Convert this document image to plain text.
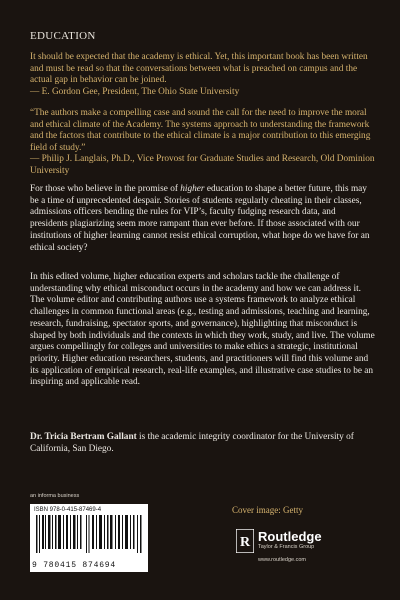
EDUCATION

It should be expected that the academy is ethical. Yet, this important book has been written and must be read so that the conversations between what is preached on campus and the actual gap in behavior can be joined.

— E. Gordon Gee, President, The Ohio State University

“The authors make a compelling case and sound the call for the need to improve the moral and ethical climate of the Academy. The systems approach to understanding the framework and the factors that contribute to the ethical climate is a major contribution to this emerging field of study.”

— Philip J. Langlais, Ph.D., Vice Provost for Graduate Studies and Research, Old Dominion University

For those who believe in the promise of higher education to shape a better future, this may be a time of unprecedented despair. Stories of students regularly cheating in their classes, admissions officers bending the rules for VIP’s, faculty fudging research data, and presidents plagiarizing seem more rampant than ever before. If those associated with our institutions of higher learning cannot resist ethical corruption, what hope do we have for an ethical society?

In this edited volume, higher education experts and scholars tackle the challenge of understanding why ethical misconduct occurs in the academy and how we can address it. The volume editor and contributing authors use a systems framework to analyze ethical challenges in common functional areas (e.g., testing and admissions, teaching and learning, research, fundraising, spectator sports, and governance), highlighting that misconduct is shaped by both individuals and the contexts in which they work, study, and live. The volume argues compellingly for colleges and universities to make ethics a strategic, institutional priority. Higher education researchers, students, and practitioners will find this volume and its application of empirical research, real-life examples, and illustrative case studies to be an inspiring and applicable read.

Dr. Tricia Bertram Gallant is the academic integrity coordinator for the University of California, San Diego.

an informa business
ISBN 978-0-415-87469-4
9 780415 874694
Cover image: Getty
R Routledge
Taylor & Francis Group
www.routledge.com
